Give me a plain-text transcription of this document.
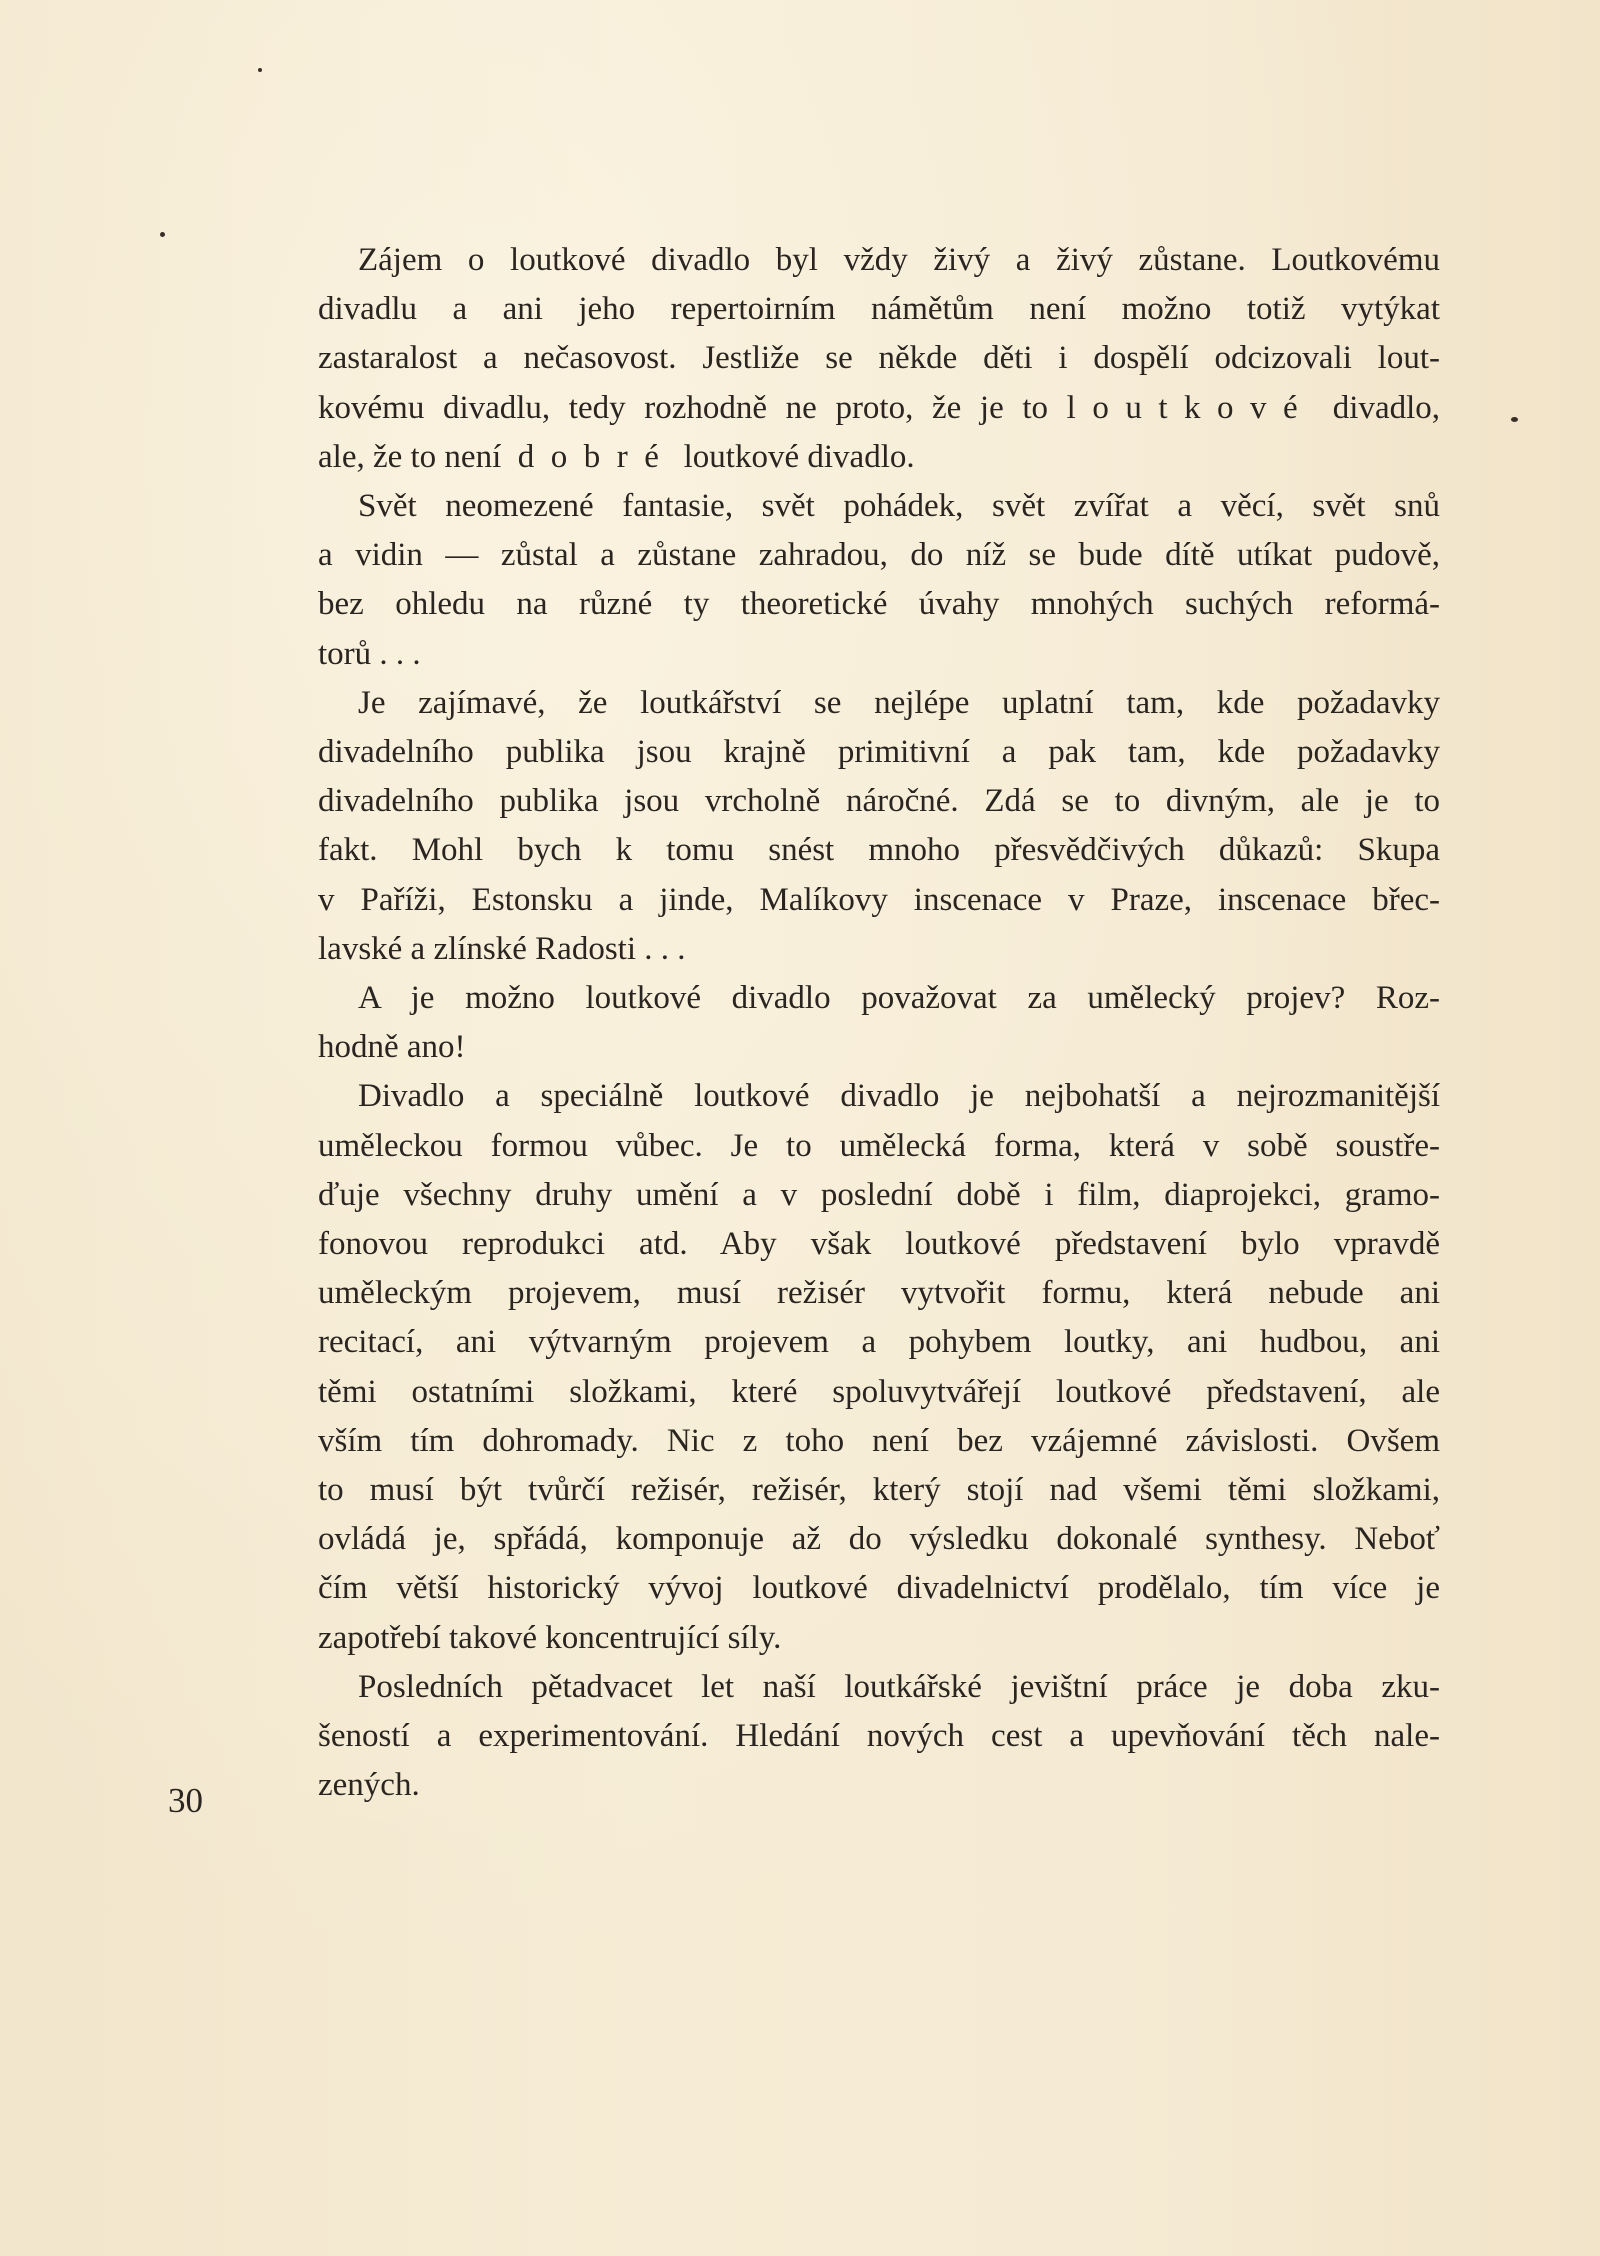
Zájem o loutkové divadlo byl vždy živý a živý zůstane. Loutkovému
divadlu a ani jeho repertoirním námětům není možno totiž vytýkat
zastaralost a nečasovost. Jestliže se někde děti i dospělí odcizovali lout-
kovému divadlu, tedy rozhodně ne proto, že je to loutkové divadlo,
ale, že to není dobré loutkové divadlo.
Svět neomezené fantasie, svět pohádek, svět zvířat a věcí, svět snů
a vidin — zůstal a zůstane zahradou, do níž se bude dítě utíkat pudově,
bez ohledu na různé ty theoretické úvahy mnohých suchých reformá-
torů . . .
Je zajímavé, že loutkářství se nejlépe uplatní tam, kde požadavky
divadelního publika jsou krajně primitivní a pak tam, kde požadavky
divadelního publika jsou vrcholně náročné. Zdá se to divným, ale je to
fakt. Mohl bych k tomu snést mnoho přesvědčivých důkazů: Skupa
v Paříži, Estonsku a jinde, Malíkovy inscenace v Praze, inscenace břec-
lavské a zlínské Radosti . . .
A je možno loutkové divadlo považovat za umělecký projev? Roz-
hodně ano!
Divadlo a speciálně loutkové divadlo je nejbohatší a nejrozmanitější
uměleckou formou vůbec. Je to umělecká forma, která v sobě soustře-
ďuje všechny druhy umění a v poslední době i film, diaprojekci, gramo-
fonovou reprodukci atd. Aby však loutkové představení bylo vpravdě
uměleckým projevem, musí režisér vytvořit formu, která nebude ani
recitací, ani výtvarným projevem a pohybem loutky, ani hudbou, ani
těmi ostatními složkami, které spoluvytvářejí loutkové představení, ale
vším tím dohromady. Nic z toho není bez vzájemné závislosti. Ovšem
to musí být tvůrčí režisér, režisér, který stojí nad všemi těmi složkami,
ovládá je, spřádá, komponuje až do výsledku dokonalé synthesy. Neboť
čím větší historický vývoj loutkové divadelnictví prodělalo, tím více je
zapotřebí takové koncentrující síly.
Posledních pětadvacet let naší loutkářské jevištní práce je doba zku-
šeností a experimentování. Hledání nových cest a upevňování těch nale-
zených.
30
